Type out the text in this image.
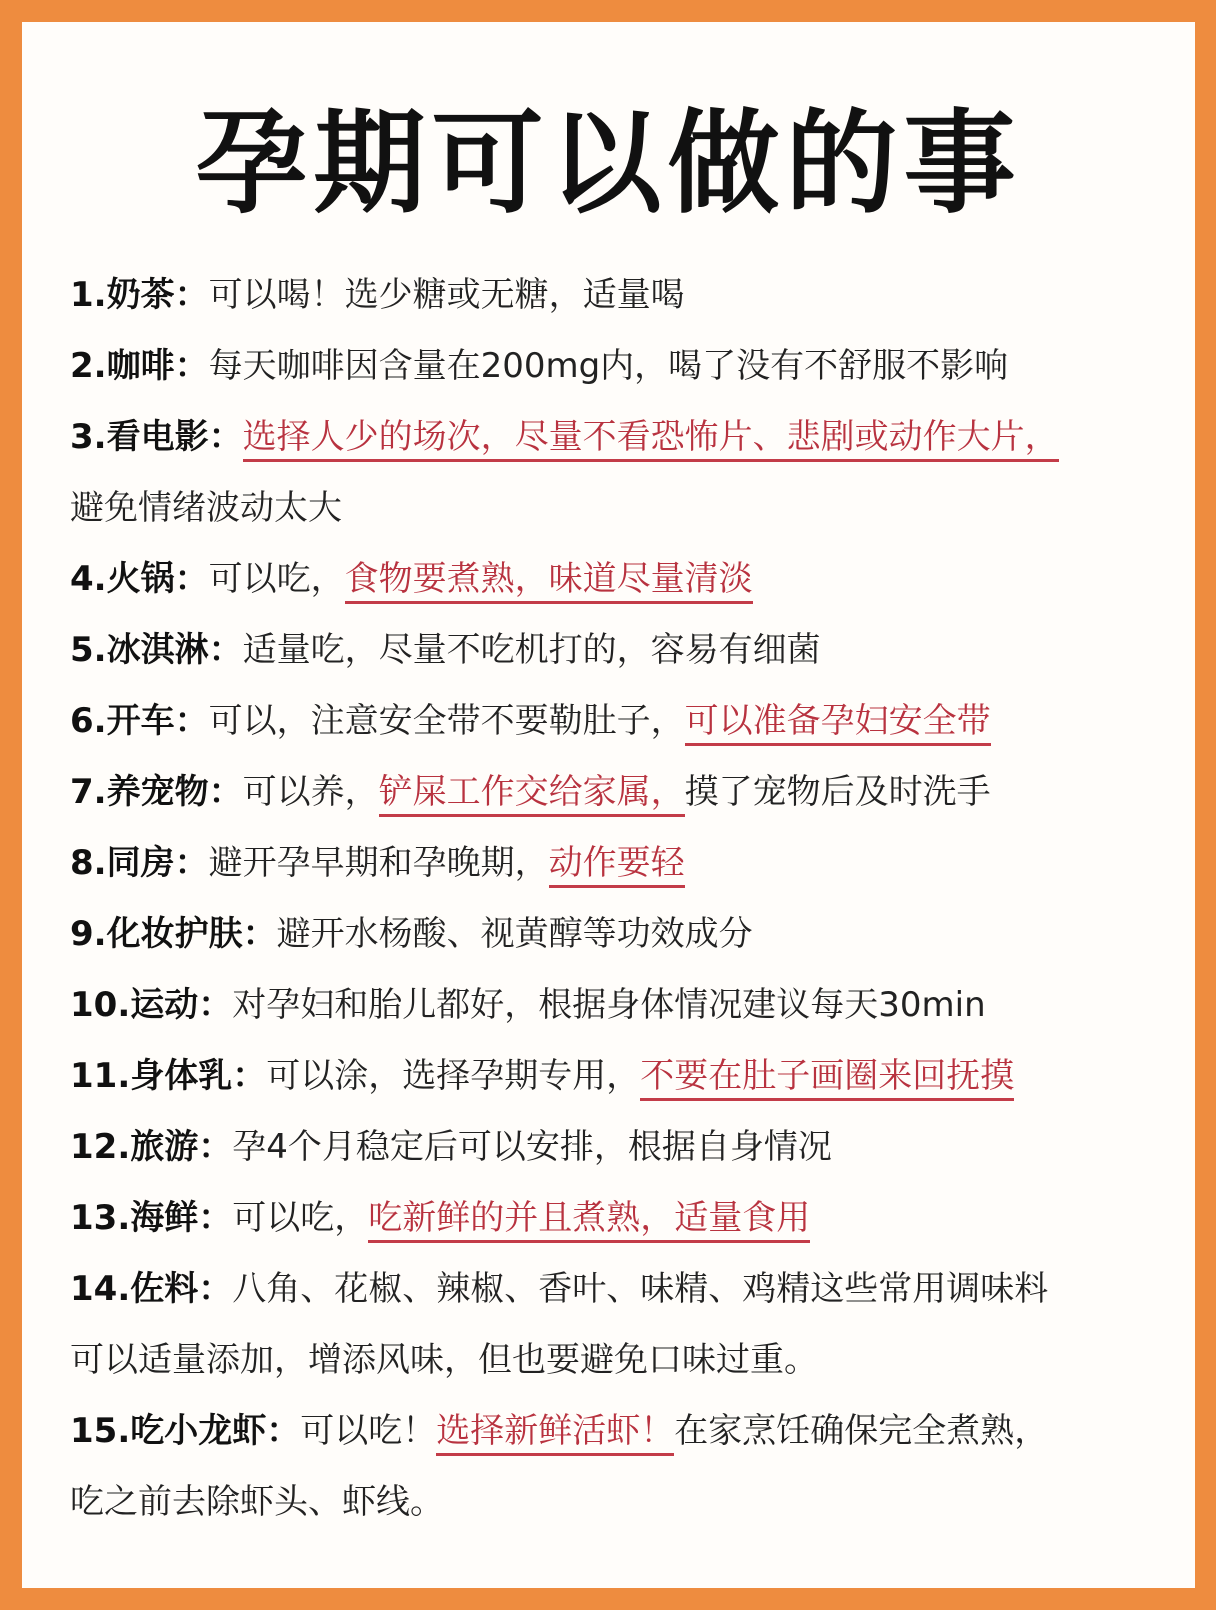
孕期可以做的事
1.奶茶：可以喝！选少糖或无糖，适量喝
2.咖啡：每天咖啡因含量在200mg内，喝了没有不舒服不影响
3.看电影：选择人少的场次，尽量不看恐怖片、悲剧或动作大片，
避免情绪波动太大
4.火锅：可以吃，食物要煮熟，味道尽量清淡
5.冰淇淋：适量吃，尽量不吃机打的，容易有细菌
6.开车：可以，注意安全带不要勒肚子，可以准备孕妇安全带
7.养宠物：可以养，铲屎工作交给家属，摸了宠物后及时洗手
8.同房：避开孕早期和孕晚期，动作要轻
9.化妆护肤：避开水杨酸、视黄醇等功效成分
10.运动：对孕妇和胎儿都好，根据身体情况建议每天30min
11.身体乳：可以涂，选择孕期专用，不要在肚子画圈来回抚摸
12.旅游：孕4个月稳定后可以安排，根据自身情况
13.海鲜：可以吃，吃新鲜的并且煮熟，适量食用
14.佐料：八角、花椒、辣椒、香叶、味精、鸡精这些常用调味料
可以适量添加，增添风味，但也要避免口味过重。
15.吃小龙虾：可以吃！选择新鲜活虾！在家烹饪确保完全煮熟，
吃之前去除虾头、虾线。
